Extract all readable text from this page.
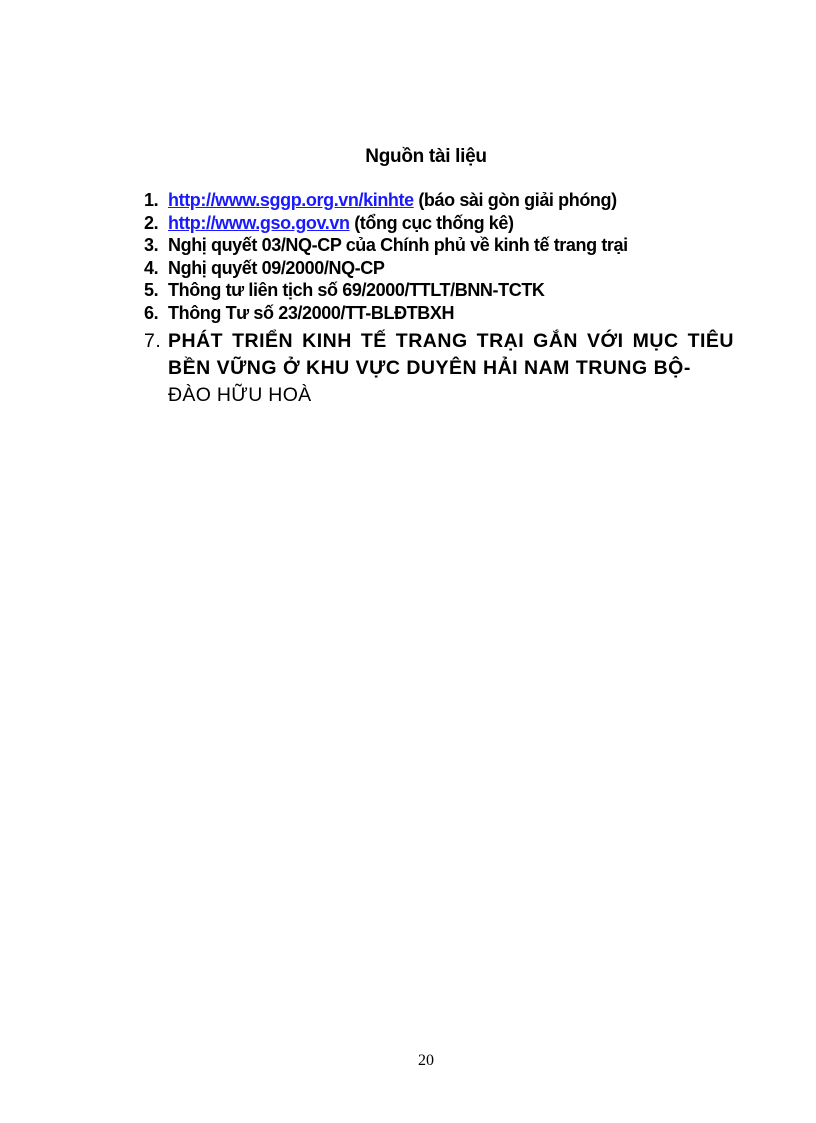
Nguồn tài liệu
1. http://www.sggp.org.vn/kinhte (báo sài gòn giải phóng)
2. http://www.gso.gov.vn (tổng cục thống kê)
3. Nghị quyết 03/NQ-CP của Chính phủ về kinh tế trang trại
4. Nghị quyết 09/2000/NQ-CP
5. Thông tư liên tịch số 69/2000/TTLT/BNN-TCTK
6. Thông Tư số 23/2000/TT-BLĐTBXH
7. PHÁT TRIỂN KINH TẾ TRANG TRẠI GẮN VỚI MỤC TIÊU BỀN VỮNG Ở KHU VỰC DUYÊN HẢI NAM TRUNG BỘ-
ĐÀO HỮU HOÀ
20
